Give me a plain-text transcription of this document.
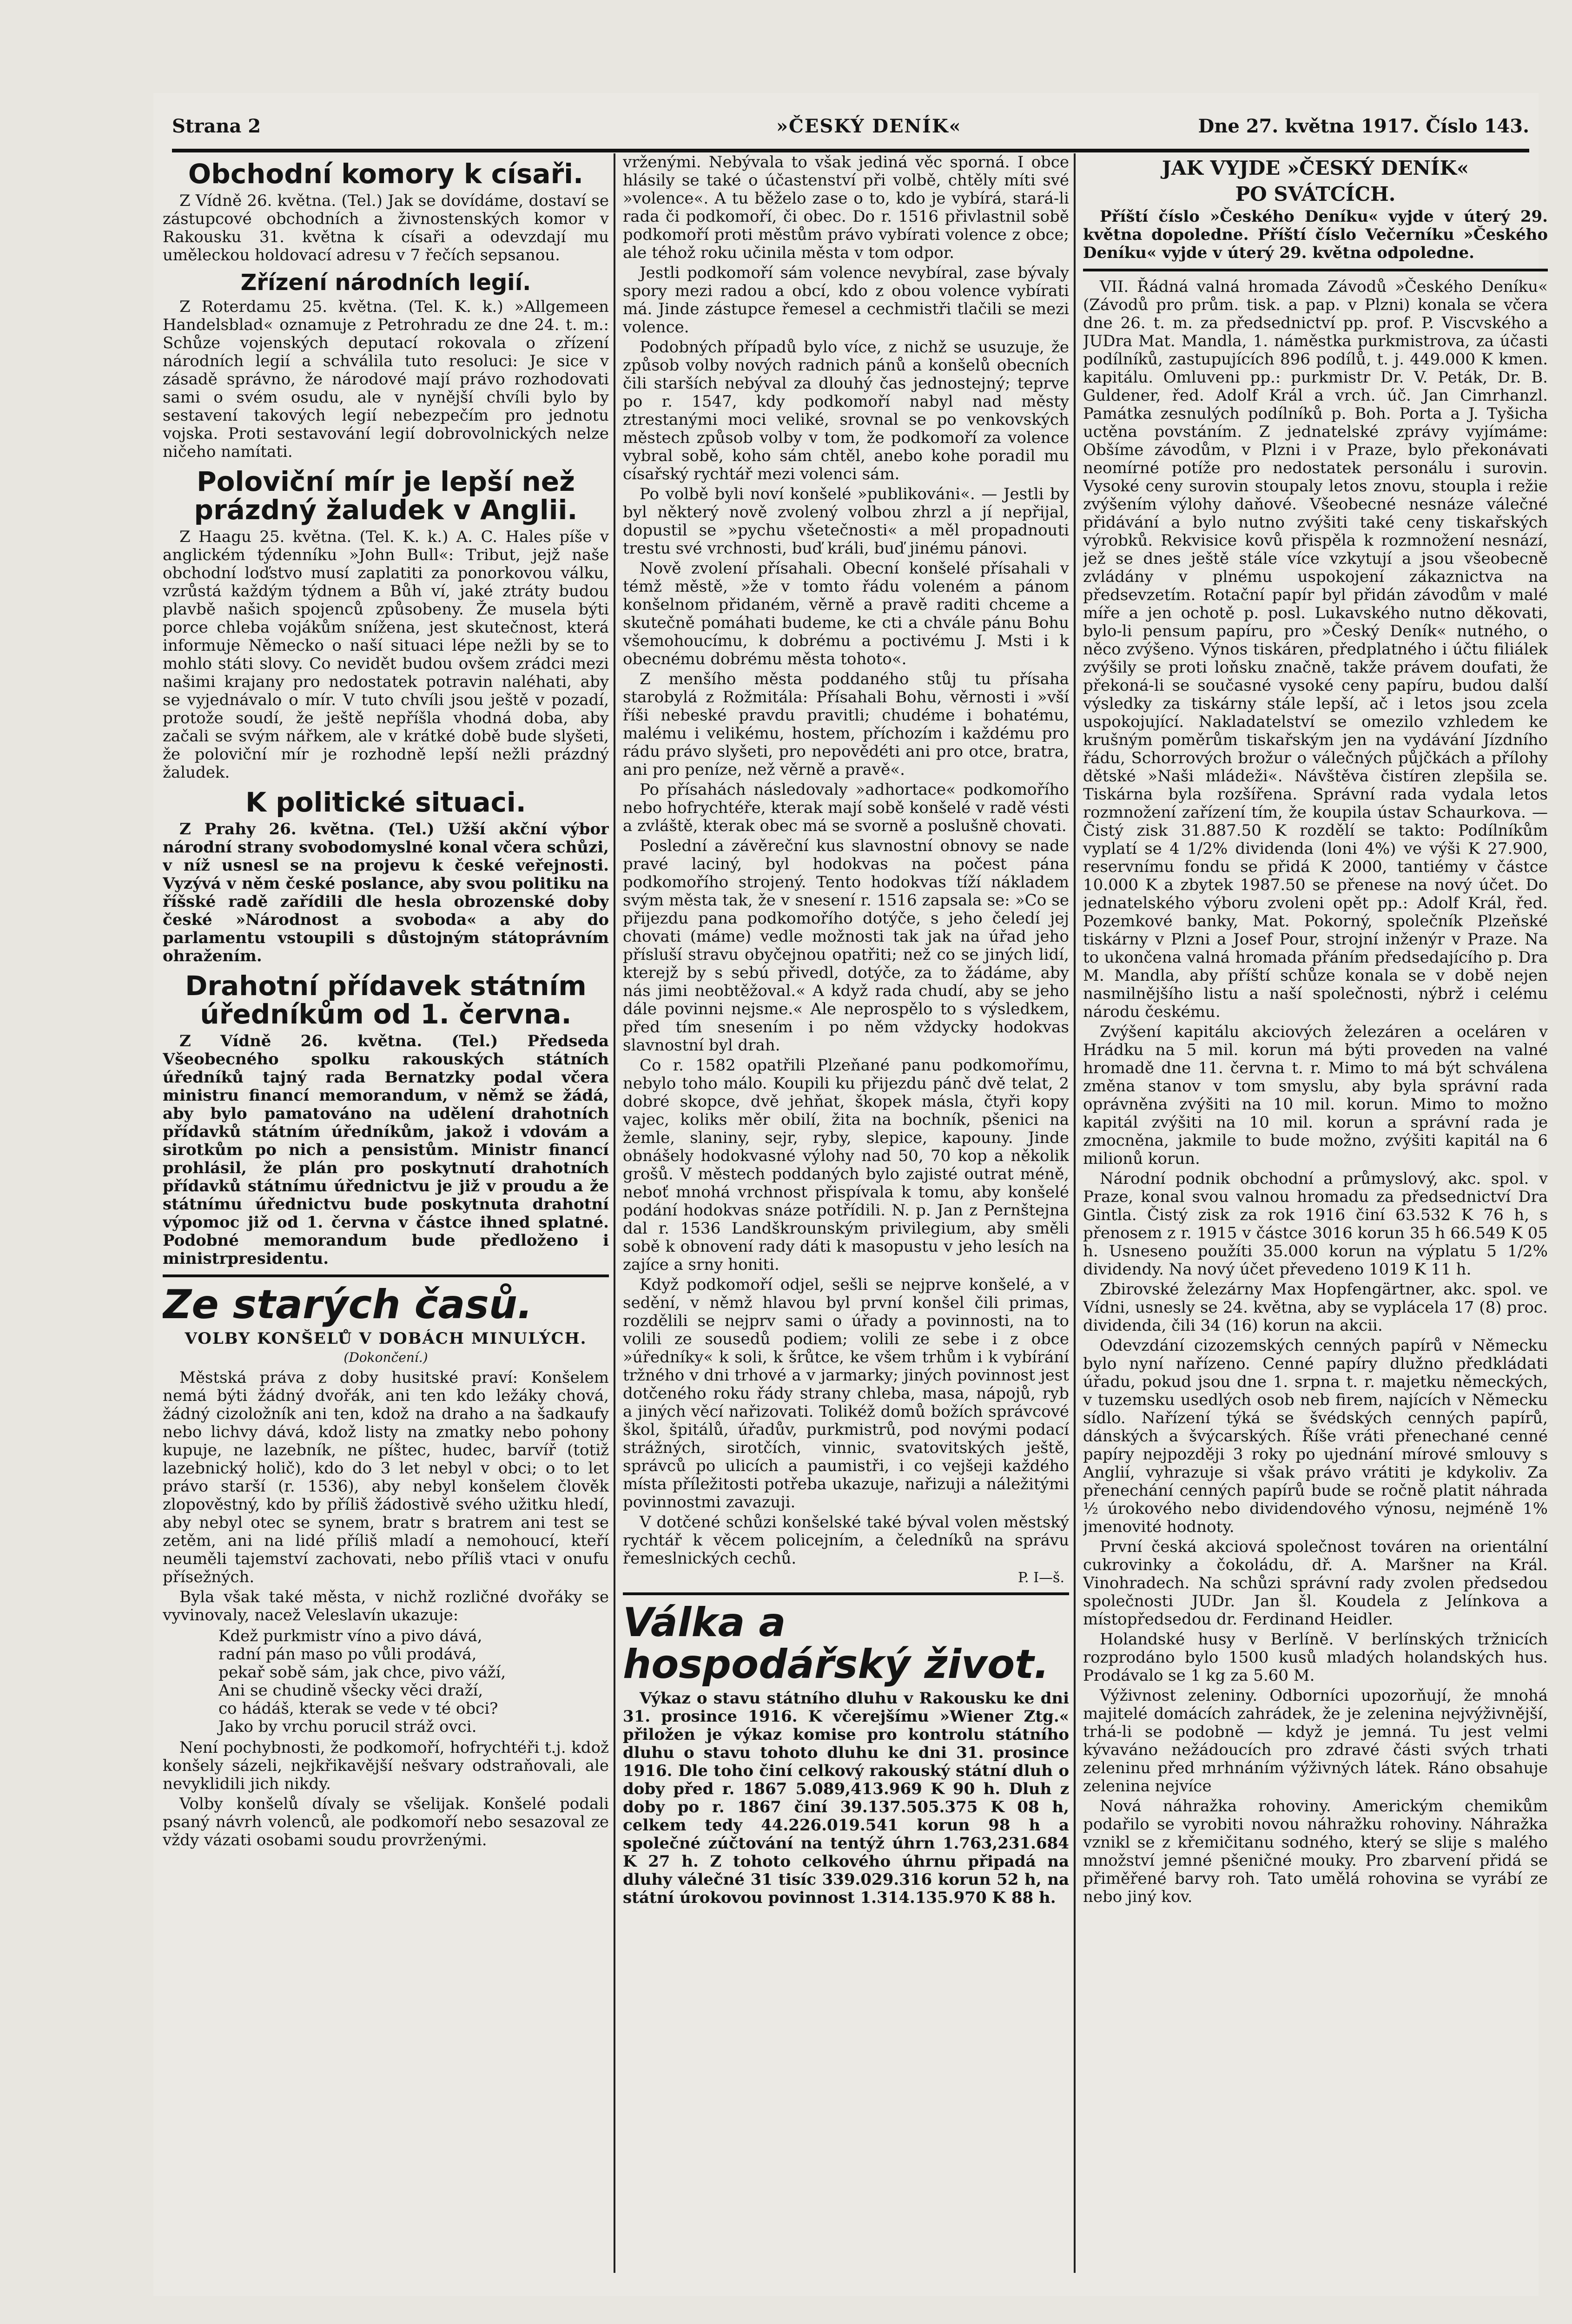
Strana 2	»ČESKÝ DENÍK«	Dne 27. května 1917. Číslo 143.
Obchodní komory k císaři.

Z Vídně 26. května. (Tel.) Jak se dovídáme, dostaví se zástupcové obchodních a živnostenských komor v Rakousku 31. května k císaři a odevzdají mu uměleckou holdovací adresu v 7 řečích sepsanou.

Zřízení národních legií.

Z Roterdamu 25. května. (Tel. K. k.) »Allgemeen Handelsblad« oznamuje z Petrohradu ze dne 24. t. m.: Schůze vojenských deputací rokovala o zřízení národních legií a schválila tuto resoluci: Je sice v zásadě správno, že národové mají právo rozhodovati sami o svém osudu, ale v nynější chvíli bylo by sestavení takových legií nebezpečím pro jednotu vojska. Proti sestavování legií dobrovolnických nelze ničeho namítati.

Poloviční mír je lepší než prázdný žaludek v Anglii.

Z Haagu 25. května. (Tel. K. k.) A. C. Hales píše v anglickém týdenníku »John Bull«: Tribut, jejž naše obchodní loďstvo musí zaplatiti za ponorkovou válku, vzrůstá každým týdnem a Bůh ví, jaké ztráty budou plavbě našich spojenců způsobeny. Že musela býti porce chleba vojákům snížena, jest skutečnost, která informuje Německo o naší situaci lépe nežli by se to mohlo státi slovy. Co nevidět budou ovšem zrádci mezi našimi krajany pro nedostatek potravin naléhati, aby se vyjednávalo o mír. V tuto chvíli jsou ještě v pozadí, protože soudí, že ještě nepříšla vhodná doba, aby začali se svým nářkem, ale v krátké době bude slyšeti, že poloviční mír je rozhodně lepší nežli prázdný žaludek.

K politické situaci.

Z Prahy 26. května. (Tel.) Užší akční výbor národní strany svobodomyslné konal včera schůzi, v níž usnesl se na projevu k české veřejnosti. Vyzývá v něm české poslance, aby svou politiku na říšské radě zařídili dle hesla obrozenské doby české »Národnost a svoboda« a aby do parlamentu vstoupili s důstojným státoprávním ohražením.

Drahotní přídavek státním úředníkům od 1. června.

Z Vídně 26. května. (Tel.) Předseda Všeobecného spolku rakouských státních úředníků tajný rada Bernatzky podal včera ministru financí memorandum, v němž se žádá, aby bylo pamatováno na udělení drahotních přídavků státním úředníkům, jakož i vdovám a sirotkům po nich a pensistům. Ministr financí prohlásil, že plán pro poskytnutí drahotních přídavků státnímu úřednictvu je již v proudu a že státnímu úřednictvu bude poskytnuta drahotní výpomoc již od 1. června v částce ihned splatné. Podobné memorandum bude předloženo i ministrpresidentu.

Ze starých časů.
VOLBY KONŠELŮ V DOBÁCH MINULÝCH.
(Dokončení.)

Městská práva z doby husitské praví: Konšelem nemá býti žádný dvořák, ani ten kdo ležáky chová, žádný cizoložník ani ten, kdož na draho a na šadkaufy nebo lichvy dává, kdož listy na zmatky nebo pohony kupuje, ne lazebník, ne píštec, hudec, barvíř (totiž lazebnický holič), kdo do 3 let nebyl v obci; o to let právo starší (r. 1536), aby nebyl konšelem člověk zlopověstný, kdo by příliš žádostivě svého užitku hledí, aby nebyl otec se synem, bratr s bratrem ani test se zetěm, ani na lidé příliš mladí a nemohoucí, kteří neuměli tajemství zachovati, nebo příliš vtaci v onufu přísežných.

Byla však také města, v nichž rozličné dvořáky se vyvinovaly, nacež Veleslavín ukazuje:

Kdež purkmistr víno a pivo dává,
radní pán maso po vůli prodává,
pekař sobě sám, jak chce, pivo váží,
Ani se chudině všecky věci draží,
co hádáš, kterak se vede v té obci?
Jako by vrchu porucil stráž ovci.

Není pochybnosti, že podkomoří, hofrychtéři t.j. kdož konšely sázeli, nejkřikavější nešvary odstraňovali, ale nevyklidili jich nikdy.

Volby konšelů dívaly se všelijak. Konšelé podali psaný návrh volenců, ale podkomoří nebo sesazoval ze vždy vázati osobami soudu provrženými.

vrženými. Nebývala to však jediná věc sporná. I obce hlásily se také o účastenství při volbě, chtěly míti své »volence«. A tu běželo zase o to, kdo je vybírá, stará-li rada či podkomoří, či obec. Do r. 1516 přivlastnil sobě podkomoří proti městům právo vybírati volence z obce; ale téhož roku učinila města v tom odpor.

Jestli podkomoří sám volence nevybíral, zase bývaly spory mezi radou a obcí, kdo z obou volence vybírati má. Jinde zástupce řemesel a cechmistři tlačili se mezi volence.

Podobných případů bylo více, z nichž se usuzuje, že způsob volby nových radnich pánů a konšelů obecních čili starších nebýval za dlouhý čas jednostejný; teprve po r. 1547, kdy podkomoří nabyl nad městy ztrestanými moci veliké, srovnal se po venkovských městech způsob volby v tom, že podkomoří za volence vybral sobě, koho sám chtěl, anebo kohe poradil mu císařský rychtář mezi volenci sám.

Po volbě byli noví konšelé »publikováni«. — Jestli by byl některý nově zvolený volbou zhrzl a jí nepřijal, dopustil se »pychu všetečnosti« a měl propadnouti trestu své vrchnosti, buď králi, buď jinému pánovi.

Nově zvolení přísahali. Obecní konšelé přísahali v témž městě, »že v tomto řádu voleném a pánom konšelnom přidaném, věrně a pravě raditi chceme a skutečně pomáhati budeme, ke cti a chvále pánu Bohu všemohoucímu, k dobrému a poctivému J. Msti i k obecnému dobrému města tohoto«.

Z menšího města poddaného stůj tu přísaha starobylá z Rožmitála: Přísahali Bohu, věrnosti i »vší říši nebeské pravdu pravitli; chudéme i bohatému, malému i velikému, hostem, příchozím i každému pro rádu právo slyšeti, pro nepovědéti ani pro otce, bratra, ani pro peníze, než věrně a pravě«.

Po přísahách následovaly »adhortace« podkomořího nebo hofrychtéře, kterak mají sobě konšelé v radě vésti a zvláště, kterak obec má se svorně a poslušně chovati.

Poslední a závěreční kus slavnostní obnovy se nade pravé laciný, byl hodokvas na počest pána podkomořího strojený. Tento hodokvas tíží nákladem svým města tak, že v snesení r. 1516 zapsala se: »Co se přijezdu pana podkomořího dotýče, s jeho čeledí jej chovati (máme) vedle možnosti tak jak na úřad jeho přísluší stravu obyčejnou opatřiti; než co se jiných lidí, kterejž by s sebú přivedl, dotýče, za to žádáme, aby nás jimi neobtěžoval.« A když rada chudí, aby se jeho dále povinni nejsme.« Ale neprospělo to s výsledkem, před tím snesením i po něm vždycky hodokvas slavnostní byl drah.

Co r. 1582 opatřili Plzeňané panu podkomořímu, nebylo toho málo. Koupili ku přijezdu pánč dvě telat, 2 dobré skopce, dvě jehňat, škopek másla, čtyři kopy vajec, koliks měr obilí, žita na bochník, pšenici na žemle, slaniny, sejr, ryby, slepice, kapouny. Jinde obnášely hodokvasné výlohy nad 50, 70 kop a několik grošů. V městech poddaných bylo zajisté outrat méně, neboť mnohá vrchnost přispívala k tomu, aby konšelé podání hodokvas snáze potřídili. N. p. Jan z Pernštejna dal r. 1536 Landškrounským privilegium, aby směli sobě k obnovení rady dáti k masopustu v jeho lesích na zajíce a srny honiti.

Když podkomoří odjel, sešli se nejprve konšelé, a v sedění, v němž hlavou byl první konšel čili primas, rozdělili se nejprv sami o úřady a povinnosti, na to volili ze sousedů podiem; volili ze sebe i z obce »úředníky« k soli, k šrůtce, ke všem trhům i k vybírání tržného v dni trhové a v jarmarky; jiných povinnost jest dotčeného roku řády strany chleba, masa, nápojů, ryb a jiných věcí nařizovati. Tolikéž domů božích správcové škol, špitálů, úřadův, purkmistrů, pod novými podací strážných, sirotčích, vinnic, svatovitských ještě, správců po ulicích a paumistři, i co vejšeji každého místa příležitosti potřeba ukazuje, nařizuji a náležitými povinnostmi zavazuji.

V dotčené schůzi konšelské také býval volen městský rychtář k věcem policejním, a čeledníků na správu řemeslnických cechů.

P. I—š.
Válka a hospodářský život.

Výkaz o stavu státního dluhu v Rakousku ke dni 31. prosince 1916. K včerejšímu »Wiener Ztg.« přiložen je výkaz komise pro kontrolu státního dluhu o stavu tohoto dluhu ke dni 31. prosince 1916. Dle toho činí celkový rakouský státní dluh o doby před r. 1867 5.089,413.969 K 90 h. Dluh z doby po r. 1867 činí 39.137.505.375 K 08 h, celkem tedy 44.226.019.541 korun 98 h a společné zúčtování na tentýž úhrn 1.763,231.684 K 27 h. Z tohoto celkového úhrnu připadá na dluhy válečné 31 tisíc 339.029.316 korun 52 h, na státní úrokovou povinnost 1.314.135.970 K 88 h.

JAK VYJDE »ČESKÝ DENÍK«
PO SVÁTCÍCH.

Příští číslo »Českého Deníku« vyjde v úterý 29. května dopoledne. Příští číslo Večerníku »Českého Deníku« vyjde v úterý 29. května odpoledne.

VII. Řádná valná hromada Závodů »Českého Deníku« (Závodů pro prům. tisk. a pap. v Plzni) konala se včera dne 26. t. m. za předsednictví pp. prof. P. Viscvského a JUDra Mat. Mandla, 1. náměstka purkmistrova, za účasti podílníků, zastupujících 896 podílů, t. j. 449.000 K kmen. kapitálu. Omluveni pp.: purkmistr Dr. V. Peták, Dr. B. Guldener, řed. Adolf Král a vrch. úč. Jan Cimrhanzl. Památka zesnulých podílníků p. Boh. Porta a J. Tyšicha uctěna povstáním. Z jednatelské zprávy vyjímáme: Obšíme závodům, v Plzni i v Praze, bylo překonávati neomírné potíže pro nedostatek personálu i surovin. Vysoké ceny surovin stoupaly letos znovu, stoupla i režie zvýšením výlohy daňové. Všeobecné nesnáze válečné přidávání a bylo nutno zvýšiti také ceny tiskařských výrobků. Rekvisice kovů přispěla k rozmnožení nesnází, jež se dnes ještě stále více vzkytují a jsou všeobecně zvládány v plnému uspokojení zákaznictva na předsevzetím. Rotační papír byl přidán závodům v malé míře a jen ochotě p. posl. Lukavského nutno děkovati, bylo-li pensum papíru, pro »Český Deník« nutného, o něco zvýšeno. Výnos tiskáren, předplatného i účtu filiálek zvýšily se proti loňsku značně, takže právem doufati, že překoná-li se současné vysoké ceny papíru, budou další výsledky za tiskárny stále lepší, ač i letos jsou zcela uspokojující. Nakladatelství se omezilo vzhledem ke krušným poměrům tiskařským jen na vydávání Jízdního řádu, Schorrových brožur o válečných půjčkách a přílohy dětské »Naši mládeži«. Návštěva čistíren zlepšila se. Tiskárna byla rozšířena. Správní rada vydala letos rozmnožení zařízení tím, že koupila ústav Schaurkova. — Čistý zisk 31.887.50 K rozdělí se takto: Podílníkům vyplatí se 4 1/2% dividenda (loni 4%) ve výši K 27.900, reservnímu fondu se přidá K 2000, tantiémy v částce 10.000 K a zbytek 1987.50 se přenese na nový účet. Do jednatelského výboru zvoleni opět pp.: Adolf Král, řed. Pozemkové banky, Mat. Pokorný, společník Plzeňské tiskárny v Plzni a Josef Pour, strojní inženýr v Praze. Na to ukončena valná hromada přáním předsedajícího p. Dra M. Mandla, aby příští schůze konala se v době nejen nasmilnějšího listu a naší společnosti, nýbrž i celému národu českému.

Zvýšení kapitálu akciových železáren a oceláren v Hrádku na 5 mil. korun má býti proveden na valné hromadě dne 11. června t. r. Mimo to má být schválena změna stanov v tom smyslu, aby byla správní rada oprávněna zvýšiti na 10 mil. korun. Mimo to možno kapitál zvýšiti na 10 mil. korun a správní rada je zmocněna, jakmile to bude možno, zvýšiti kapitál na 6 milionů korun.

Národní podnik obchodní a průmyslový, akc. spol. v Praze, konal svou valnou hromadu za předsednictví Dra Gintla. Čistý zisk za rok 1916 činí 63.532 K 76 h, s přenosem z r. 1915 v částce 3016 korun 35 h 66.549 K 05 h. Usneseno použíti 35.000 korun na výplatu 5 1/2% dividendy. Na nový účet převedeno 1019 K 11 h.

Zbirovské železárny Max Hopfengärtner, akc. spol. ve Vídni, usnesly se 24. května, aby se vyplácela 17 (8) proc. dividenda, čili 34 (16) korun na akcii.

Odevzdání cizozemských cenných papírů v Německu bylo nyní nařízeno. Cenné papíry dlužno předkládati úřadu, pokud jsou dne 1. srpna t. r. majetku německých, v tuzemsku usedlých osob neb firem, najících v Německu sídlo. Nařízení týká se švédských cenných papírů, dánských a švýcarských. Říše vráti přenechané cenné papíry nejpozději 3 roky po ujednání mírové smlouvy s Anglií, vyhrazuje si však právo vrátiti je kdykoliv. Za přenechání cenných papírů bude se ročně platit náhrada ½ úrokového nebo dividendového výnosu, nejméně 1% jmenovité hodnoty.

První česká akciová společnost továren na orientální cukrovinky a čokoládu, dř. A. Maršner na Král. Vinohradech. Na schůzi správní rady zvolen předsedou společnosti JUDr. Jan šl. Koudela z Jelínkova a místopředsedou dr. Ferdinand Heidler.

Holandské husy v Berlíně. V berlínských tržnicích rozprodáno bylo 1500 kusů mladých holandských hus. Prodávalo se 1 kg za 5.60 M.

Výživnost zeleniny. Odborníci upozorňují, že mnohá majitelé domácích zahrádek, že je zelenina nejvýživnější, trhá-li se podobně — když je jemná. Tu jest velmi kývaváno nežádoucích pro zdravé části svých trhati zeleninu před mrhnáním výživných látek. Ráno obsahuje zelenina nejvíce

Nová náhražka rohoviny. Americkým chemikům podařilo se vyrobiti novou náhražku rohoviny. Náhražka vznikl se z křemičitanu sodného, který se slije s malého množství jemné pšeničné mouky. Pro zbarvení přidá se přiměřené barvy roh. Tato umělá rohovina se vyrábí ze nebo jiný kov.
